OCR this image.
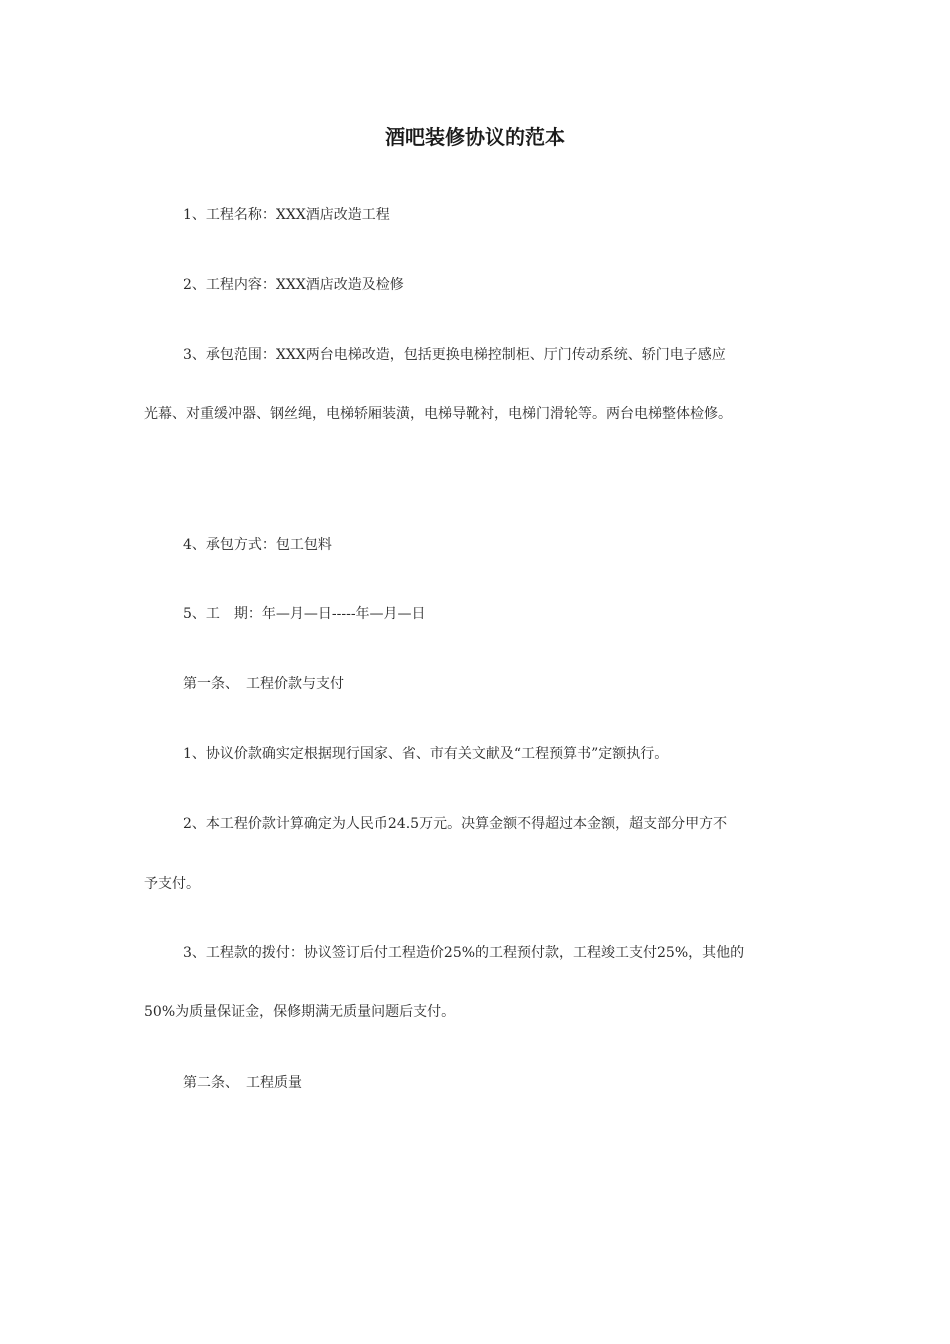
酒吧装修协议的范本
1、工程名称：XXX酒店改造工程
2、工程内容：XXX酒店改造及检修
3、承包范围：XXX两台电梯改造，包括更换电梯控制柜、厅门传动系统、轿门电子感应
光幕、对重缓冲器、钢丝绳，电梯轿厢装潢，电梯导靴衬，电梯门滑轮等。两台电梯整体检修。
4、承包方式：包工包料
5、工　期：年—月—日-----年—月—日
第一条、　工程价款与支付
1、协议价款确实定根据现行国家、省、市有关文献及“工程预算书”定额执行。
2、本工程价款计算确定为人民币24.5万元。决算金额不得超过本金额，超支部分甲方不
予支付。
3、工程款的拨付：协议签订后付工程造价25%的工程预付款，工程竣工支付25%，其他的
50%为质量保证金，保修期满无质量问题后支付。
第二条、　工程质量
